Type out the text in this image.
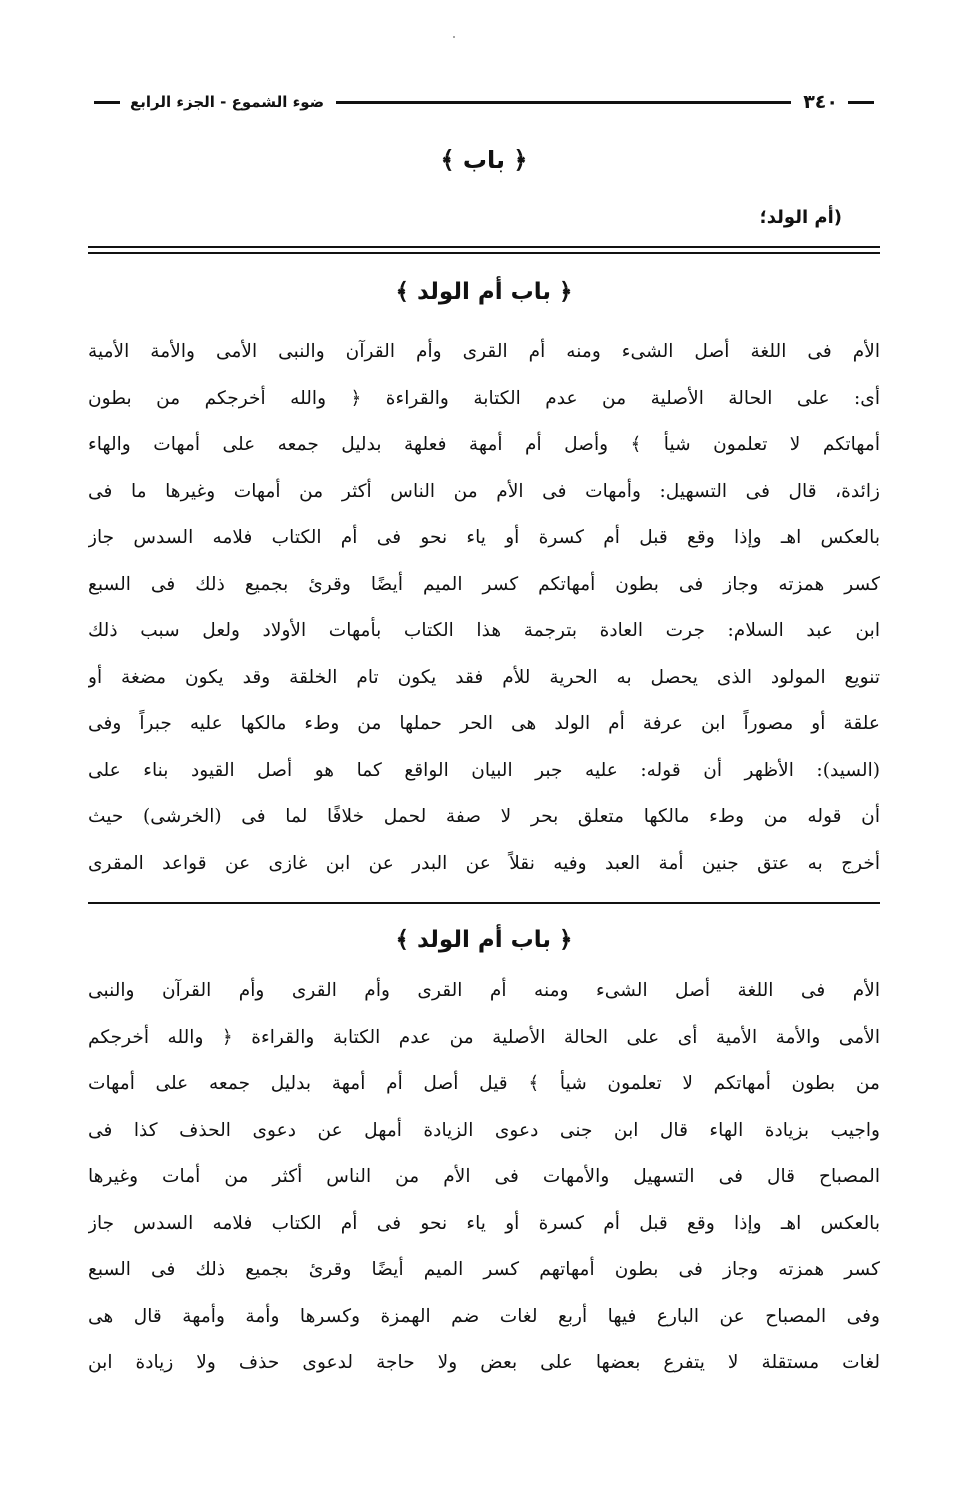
٣٤٠
ضوء الشموع - الجزء الرابع
﴿ باب ﴾
(أم الولد؛
﴿ باب أم الولد ﴾
الأم فى اللغة أصل الشىء ومنه أم القرى وأم القرآن والنبى الأمى والأمة الأمية
أى: على الحالة الأصلية من عدم الكتابة والقراءة ﴿ والله أخرجكم من بطون
أمهاتكم لا تعلمون شيأ ﴾ وأصل أم أمهة فعلهة بدليل جمعه على أمهات والهاء
زائدة، قال فى التسهيل: وأمهات فى الأم من الناس أكثر من أمهات وغيرها ما فى
بالعكس اهـ وإذا وقع قبل أم كسرة أو ياء نحو فى أم الكتاب فلامه السدس جاز
كسر همزته وجاز فى بطون أمهاتكم كسر الميم أيضًا وقرئ بجميع ذلك فى السبع
ابن عبد السلام: جرت العادة بترجمة هذا الكتاب بأمهات الأولاد ولعل سبب ذلك
تنويع المولود الذى يحصل به الحرية للأم فقد يكون تام الخلقة وقد يكون مضغة أو
علقة أو مصوراً ابن عرفة أم الولد هى الحر حملها من وطء مالكها عليه جبراً وفى
(السيد): الأظهر أن قوله: عليه جبر البيان الواقع كما هو أصل القيود بناء على
أن قوله من وطء مالكها متعلق بحر لا صفة لحمل خلافًا لما فى (الخرشى) حيث
أخرج به عتق جنين أمة العبد وفيه نقلاً عن البدر عن ابن غازى عن قواعد المقرى
﴿ باب أم الولد ﴾
الأم فى اللغة أصل الشىء ومنه أم القرى وأم القرى وأم القرآن والنبى
الأمى والأمة الأمية أى على الحالة الأصلية من عدم الكتابة والقراءة ﴿ والله أخرجكم
من بطون أمهاتكم لا تعلمون شيأ ﴾ قيل أصل أم أمهة بدليل جمعه على أمهات
واجيب بزيادة الهاء قال ابن جنى دعوى الزيادة أمهل عن دعوى الحذف كذا فى
المصباح قال فى التسهيل والأمهات فى الأم من الناس أكثر من أمات وغيرها
بالعكس اهـ وإذا وقع قبل أم كسرة أو ياء نحو فى أم الكتاب فلامه السدس جاز
كسر همزته وجاز فى بطون أمهاتهم كسر الميم أيضًا وقرئ بجميع ذلك فى السبع
وفى المصباح عن البارع فيها أربع لغات ضم الهمزة وكسرها وأمة وأمهة قال هى
لغات مستقلة لا يتفرع بعضها على بعض ولا حاجة لدعوى حذف ولا زيادة ابن
